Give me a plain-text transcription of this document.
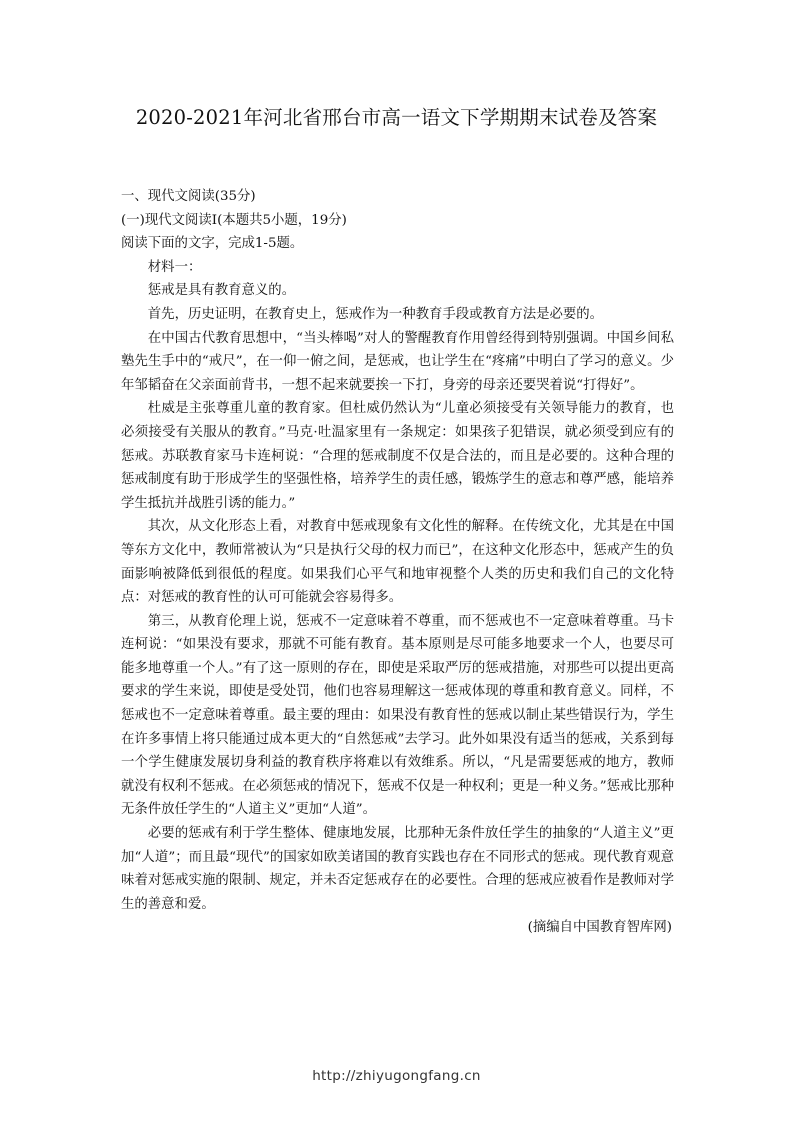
2020-2021年河北省邢台市高一语文下学期期末试卷及答案

一、现代文阅读(35分)

(一)现代文阅读I(本题共5小题，19分)

阅读下面的文字，完成1-5题。

材料一：

惩戒是具有教育意义的。

首先，历史证明，在教育史上，惩戒作为一种教育手段或教育方法是必要的。

在中国古代教育思想中，“当头棒喝”对人的警醒教育作用曾经得到特别强调。中国乡间私塾先生手中的“戒尺”，在一仰一俯之间，是惩戒，也让学生在“疼痛”中明白了学习的意义。少年邹韬奋在父亲面前背书，一想不起来就要挨一下打，身旁的母亲还要哭着说“打得好”。

杜威是主张尊重儿童的教育家。但杜威仍然认为“儿童必须接受有关领导能力的教育，也必须接受有关服从的教育。”马克·吐温家里有一条规定：如果孩子犯错误，就必须受到应有的惩戒。苏联教育家马卡连柯说：“合理的惩戒制度不仅是合法的，而且是必要的。这种合理的惩戒制度有助于形成学生的坚强性格，培养学生的责任感，锻炼学生的意志和尊严感，能培养学生抵抗并战胜引诱的能力。”

其次，从文化形态上看，对教育中惩戒现象有文化性的解释。在传统文化，尤其是在中国等东方文化中，教师常被认为“只是执行父母的权力而已”，在这种文化形态中，惩戒产生的负面影响被降低到很低的程度。如果我们心平气和地审视整个人类的历史和我们自己的文化特点：对惩戒的教育性的认可可能就会容易得多。

第三，从教育伦理上说，惩戒不一定意味着不尊重，而不惩戒也不一定意味着尊重。马卡连柯说：“如果没有要求，那就不可能有教育。基本原则是尽可能多地要求一个人，也要尽可能多地尊重一个人。”有了这一原则的存在，即使是采取严厉的惩戒措施，对那些可以提出更高要求的学生来说，即使是受处罚，他们也容易理解这一惩戒体现的尊重和教育意义。同样，不惩戒也不一定意味着尊重。最主要的理由：如果没有教育性的惩戒以制止某些错误行为，学生在许多事情上将只能通过成本更大的“自然惩戒”去学习。此外如果没有适当的惩戒，关系到每一个学生健康发展切身利益的教育秩序将难以有效维系。所以，“凡是需要惩戒的地方，教师就没有权利不惩戒。在必须惩戒的情况下，惩戒不仅是一种权利；更是一种义务。”惩戒比那种无条件放任学生的“人道主义”更加“人道”。

必要的惩戒有利于学生整体、健康地发展，比那种无条件放任学生的抽象的“人道主义”更加“人道”；而且最“现代”的国家如欧美诸国的教育实践也存在不同形式的惩戒。现代教育观意味着对惩戒实施的限制、规定，并未否定惩戒存在的必要性。合理的惩戒应被看作是教师对学生的善意和爱。

(摘编自中国教育智库网)

http://zhiyugongfang.cn
